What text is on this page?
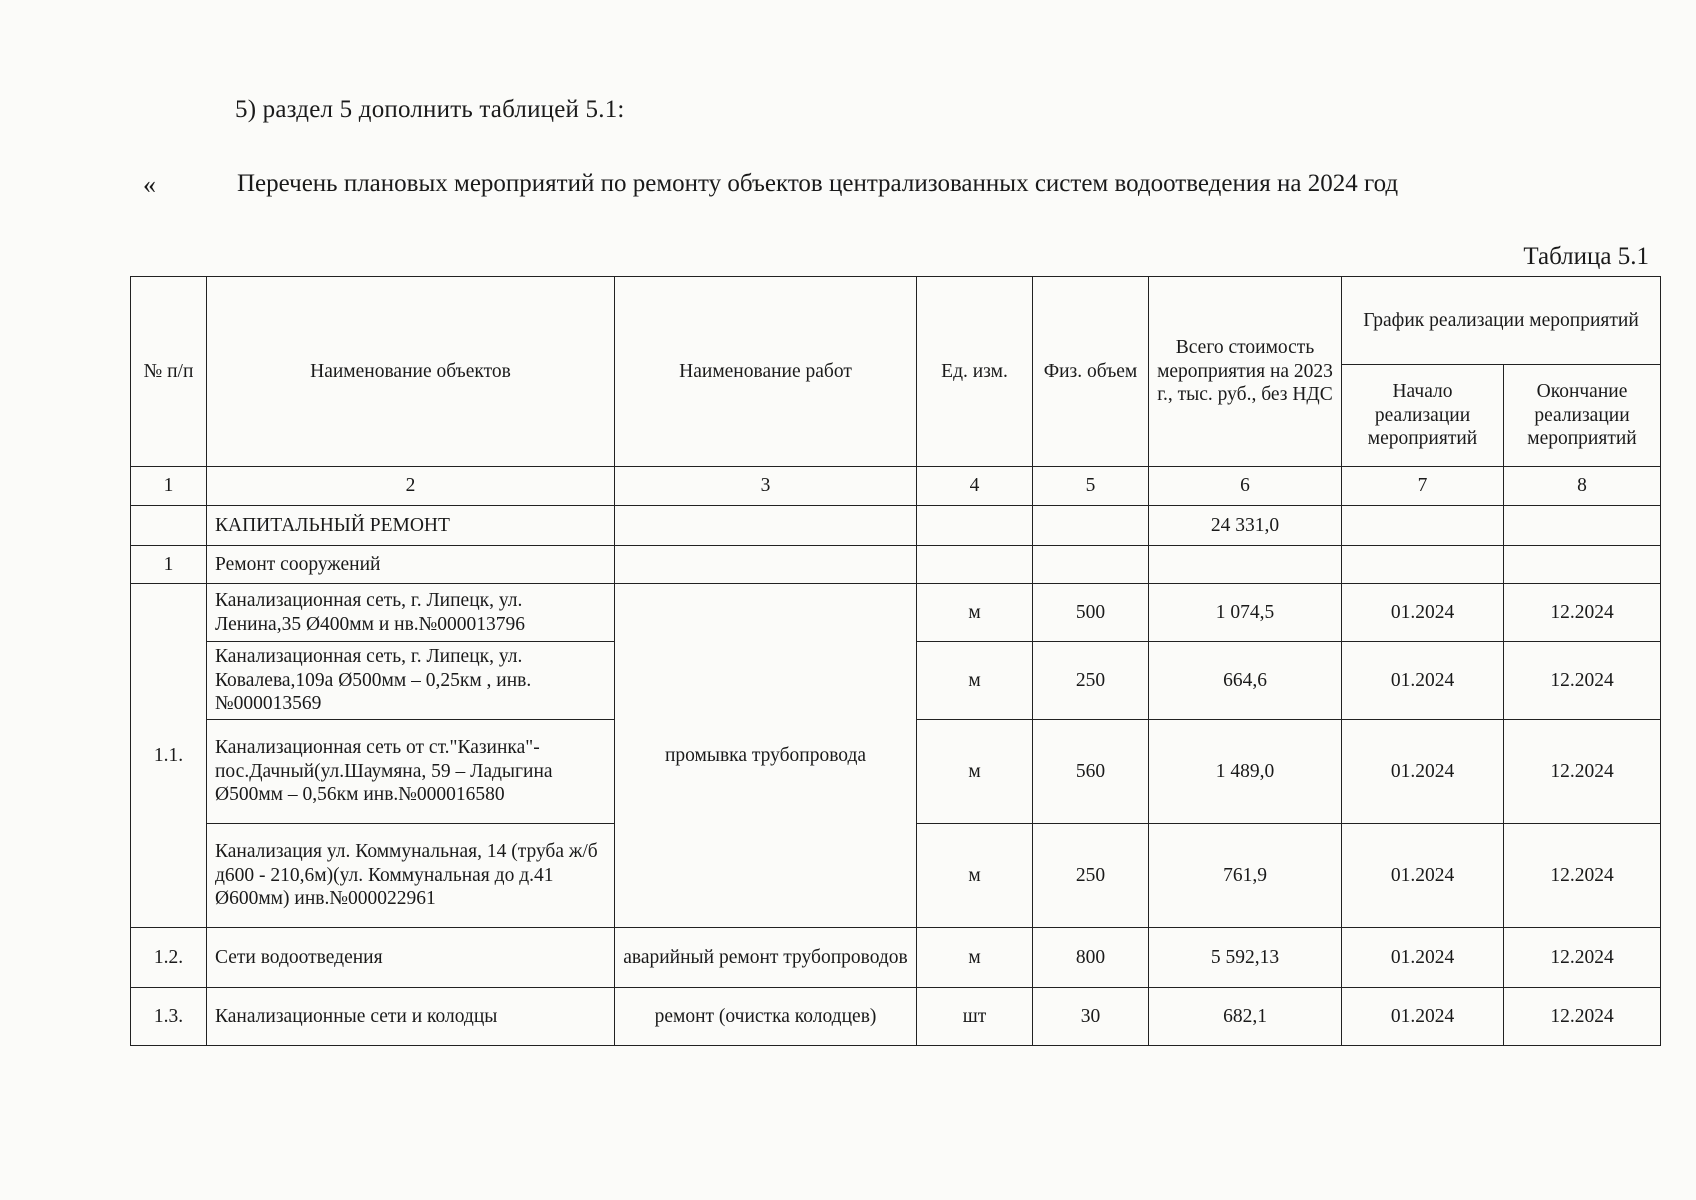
5) раздел 5 дополнить таблицей 5.1:
«	Перечень плановых мероприятий по ремонту объектов централизованных систем водоотведения на 2024 год
Таблица 5.1
№ п/п	Наименование объектов	Наименование работ	Ед. изм.	Физ. объем	Всего стоимость мероприятия на 2023 г., тыс. руб., без НДС	График реализации мероприятий	
						Начало реализации мероприятий	Окончание реализации мероприятий
1	2	3	4	5	6	7	8
	КАПИТАЛЬНЫЙ РЕМОНТ				24 331,0		
1	Ремонт сооружений						
1.1.	Канализационная сеть, г. Липецк, ул. Ленина,35 Ø400мм и нв.№000013796	промывка трубопровода	м	500	1 074,5	01.2024	12.2024
	Канализационная сеть, г. Липецк, ул. Ковалева,109а Ø500мм – 0,25км , инв.№000013569		м	250	664,6	01.2024	12.2024
	Канализационная сеть от ст."Казинка"-пос.Дачный(ул.Шаумяна, 59 – Ладыгина Ø500мм – 0,56км инв.№000016580		м	560	1 489,0	01.2024	12.2024
	Канализация ул. Коммунальная, 14 (труба ж/б д600 - 210,6м)(ул. Коммунальная до д.41 Ø600мм) инв.№000022961		м	250	761,9	01.2024	12.2024
1.2.	Сети водоотведения	аварийный ремонт трубопроводов	м	800	5 592,13	01.2024	12.2024
1.3.	Канализационные сети и колодцы	ремонт (очистка колодцев)	шт	30	682,1	01.2024	12.2024
